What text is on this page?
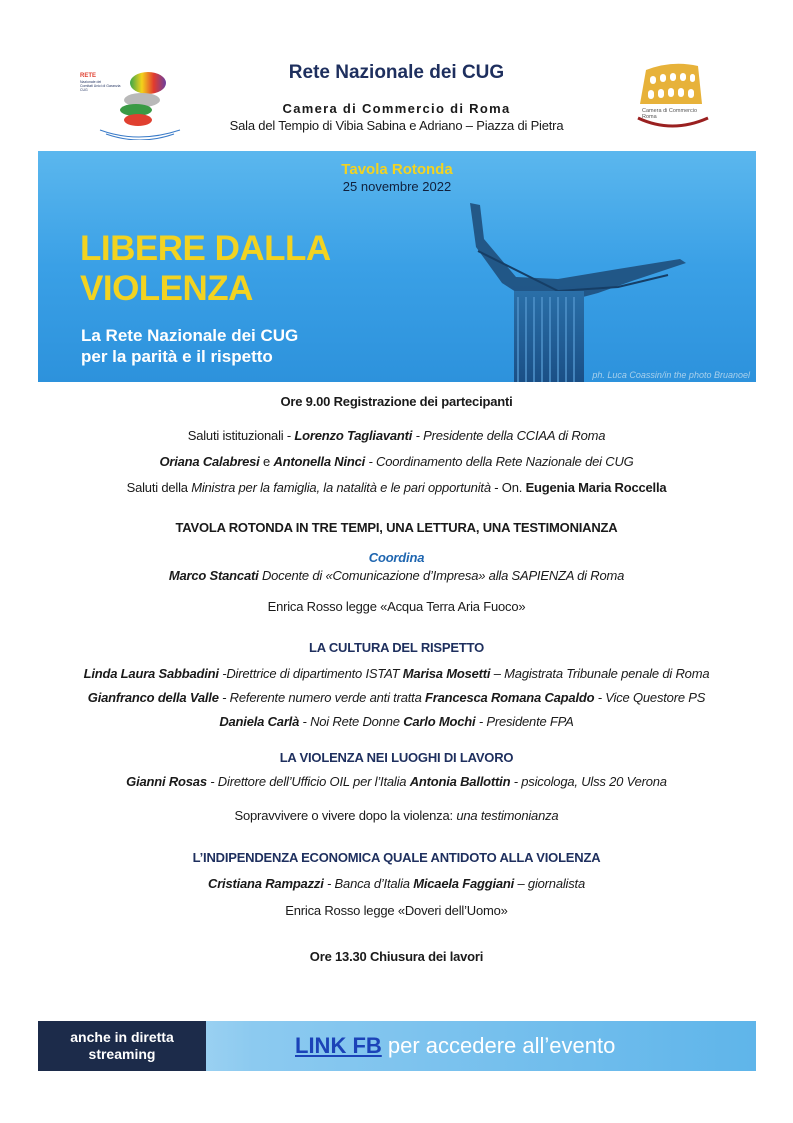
RETE
Nazionale dei
Comitati Unici di Garanzia
CUG
Rete Nazionale dei CUG
Camera di Commercio di Roma
Sala del Tempio di Vibia Sabina e Adriano – Piazza di Pietra
Camera di Commercio
Roma
Tavola Rotonda
25 novembre 2022
LIBERE DALLA
VIOLENZA
La Rete Nazionale dei CUG
per la parità e il rispetto
ph. Luca Coassin/in the photo Bruanoel
Ore 9.00 Registrazione dei partecipanti
Saluti istituzionali - Lorenzo Tagliavanti - Presidente della CCIAA di Roma
Oriana Calabresi e Antonella Ninci - Coordinamento della Rete Nazionale dei CUG
Saluti della Ministra per la famiglia, la natalità e le pari opportunità - On. Eugenia Maria Roccella
TAVOLA ROTONDA IN TRE TEMPI, UNA LETTURA, UNA TESTIMONIANZA
Coordina
Marco Stancati Docente di «Comunicazione d’Impresa» alla SAPIENZA di Roma
Enrica Rosso legge «Acqua Terra Aria Fuoco»
LA CULTURA DEL RISPETTO
Linda Laura Sabbadini -Direttrice di dipartimento ISTAT Marisa Mosetti – Magistrata Tribunale penale di Roma
Gianfranco della Valle - Referente numero verde anti tratta Francesca Romana Capaldo - Vice Questore PS
Daniela Carlà - Noi Rete Donne Carlo Mochi - Presidente FPA
LA VIOLENZA NEI LUOGHI DI LAVORO
Gianni Rosas - Direttore dell’Ufficio OIL per l’Italia Antonia Ballottin - psicologa, Ulss 20 Verona
Sopravvivere o vivere dopo la violenza: una testimonianza
L’INDIPENDENZA ECONOMICA QUALE ANTIDOTO ALLA VIOLENZA
Cristiana Rampazzi - Banca d’Italia Micaela Faggiani – giornalista
Enrica Rosso legge «Doveri dell’Uomo»
Ore 13.30 Chiusura dei lavori
anche in diretta
streaming	LINK FB per accedere all’evento
